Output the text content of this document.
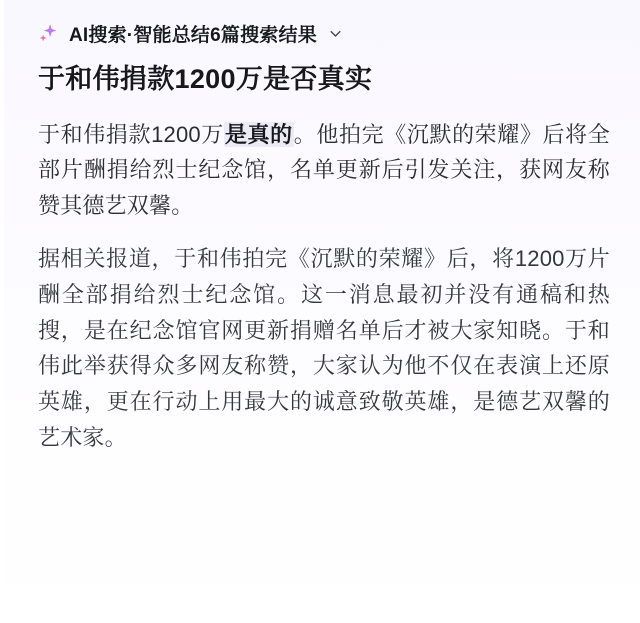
AI搜索·智能总结6篇搜索结果
于和伟捐款1200万是否真实

于和伟捐款1200万是真的。他拍完《沉默的荣耀》后将全部片酬捐给烈士纪念馆，名单更新后引发关注，获网友称赞其德艺双馨。

据相关报道，于和伟拍完《沉默的荣耀》后，将1200万片酬全部捐给烈士纪念馆。这一消息最初并没有通稿和热搜，是在纪念馆官网更新捐赠名单后才被大家知晓。于和伟此举获得众多网友称赞，大家认为他不仅在表演上还原英雄，更在行动上用最大的诚意致敬英雄，是德艺双馨的艺术家。
